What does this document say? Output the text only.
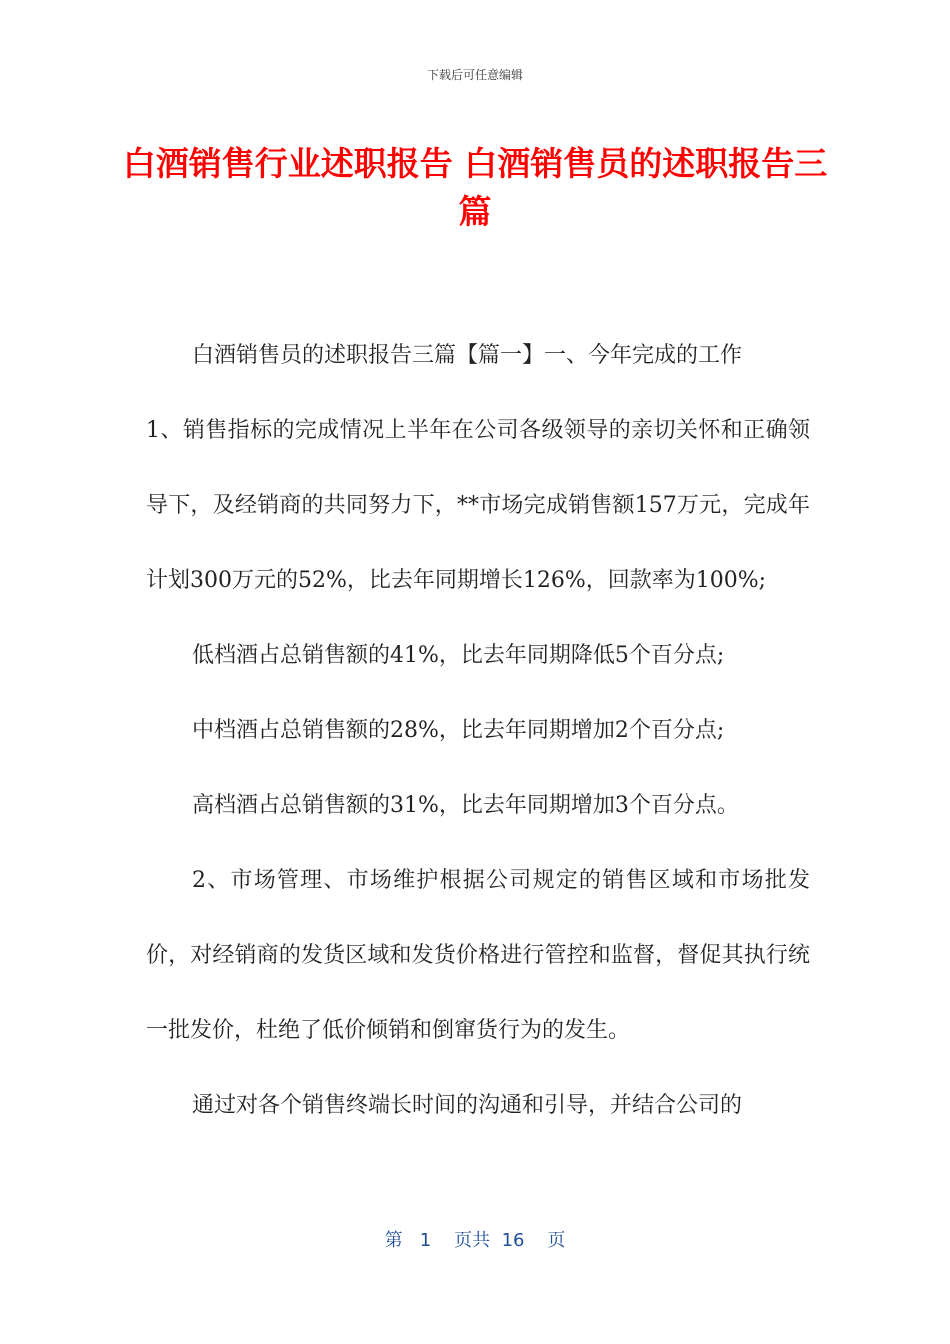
下载后可任意编辑
白酒销售行业述职报告 白酒销售员的述职报告三篇

白酒销售员的述职报告三篇【篇一】一、今年完成的工作

1、销售指标的完成情况上半年在公司各级领导的亲切关怀和正确领导下，及经销商的共同努力下，**市场完成销售额157万元，完成年计划300万元的52%，比去年同期增长126%，回款率为100%;

低档酒占总销售额的41%，比去年同期降低5个百分点;

中档酒占总销售额的28%，比去年同期增加2个百分点;

高档酒占总销售额的31%，比去年同期增加3个百分点。

2、市场管理、市场维护根据公司规定的销售区域和市场批发价，对经销商的发货区域和发货价格进行管控和监督，督促其执行统一批发价，杜绝了低价倾销和倒窜货行为的发生。

通过对各个销售终端长时间的沟通和引导，并结合公司的

第 1 页共 16 页
